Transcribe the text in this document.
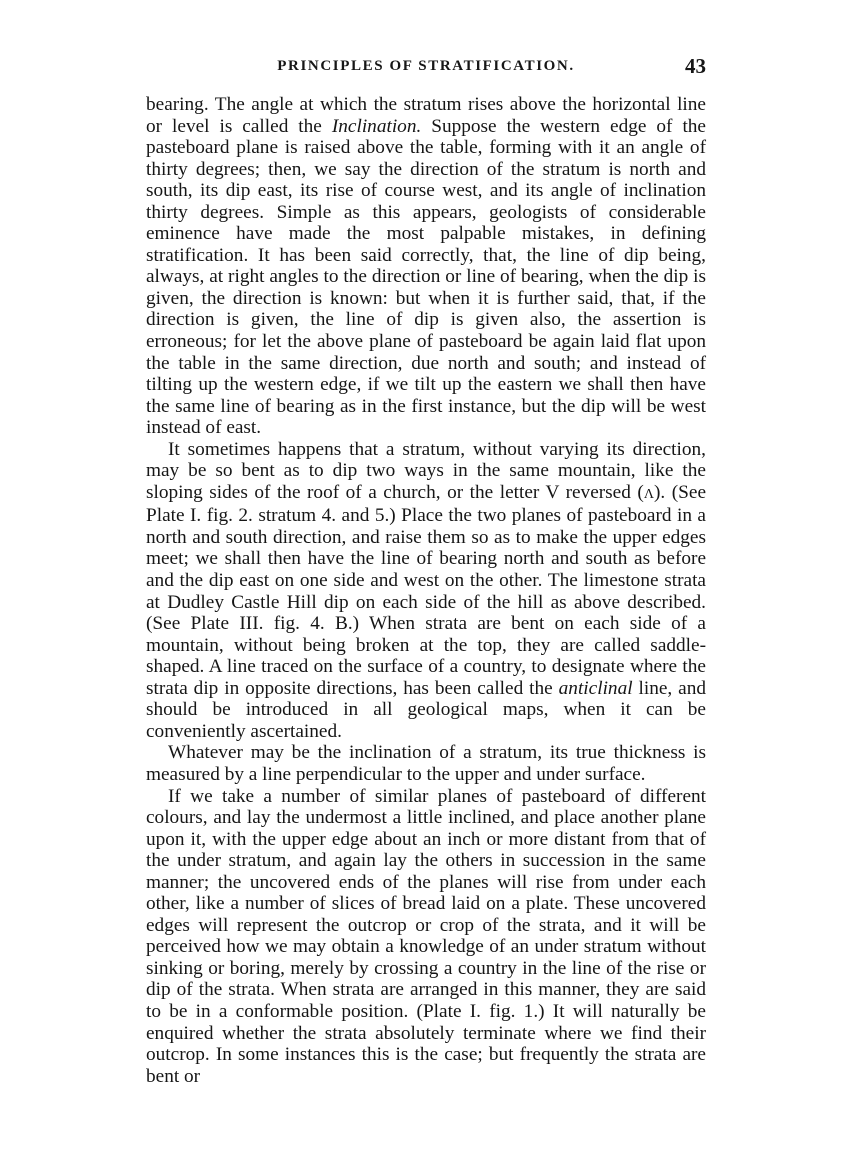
PRINCIPLES OF STRATIFICATION.	43

bearing. The angle at which the stratum rises above the horizontal line or level is called the Inclination. Suppose the western edge of the pasteboard plane is raised above the table, forming with it an angle of thirty degrees; then, we say the direction of the stratum is north and south, its dip east, its rise of course west, and its angle of inclination thirty degrees. Simple as this appears, geologists of considerable eminence have made the most palpable mistakes, in defining stratification. It has been said correctly, that, the line of dip being, always, at right angles to the direction or line of bearing, when the dip is given, the direction is known: but when it is further said, that, if the direction is given, the line of dip is given also, the assertion is erroneous; for let the above plane of pasteboard be again laid flat upon the table in the same direction, due north and south; and instead of tilting up the western edge, if we tilt up the eastern we shall then have the same line of bearing as in the first instance, but the dip will be west instead of east.

It sometimes happens that a stratum, without varying its direction, may be so bent as to dip two ways in the same mountain, like the sloping sides of the roof of a church, or the letter V reversed (Λ). (See Plate I. fig. 2. stratum 4. and 5.) Place the two planes of pasteboard in a north and south direction, and raise them so as to make the upper edges meet; we shall then have the line of bearing north and south as before and the dip east on one side and west on the other. The limestone strata at Dudley Castle Hill dip on each side of the hill as above described. (See Plate III. fig. 4. B.) When strata are bent on each side of a mountain, without being broken at the top, they are called saddle-shaped. A line traced on the surface of a country, to designate where the strata dip in opposite directions, has been called the anticlinal line, and should be introduced in all geological maps, when it can be conveniently ascertained.

Whatever may be the inclination of a stratum, its true thickness is measured by a line perpendicular to the upper and under surface.

If we take a number of similar planes of pasteboard of different colours, and lay the undermost a little inclined, and place another plane upon it, with the upper edge about an inch or more distant from that of the under stratum, and again lay the others in succession in the same manner; the uncovered ends of the planes will rise from under each other, like a number of slices of bread laid on a plate. These uncovered edges will represent the outcrop or crop of the strata, and it will be perceived how we may obtain a knowledge of an under stratum without sinking or boring, merely by crossing a country in the line of the rise or dip of the strata. When strata are arranged in this manner, they are said to be in a conformable position. (Plate I. fig. 1.) It will naturally be enquired whether the strata absolutely terminate where we find their outcrop. In some instances this is the case; but frequently the strata are bent or
